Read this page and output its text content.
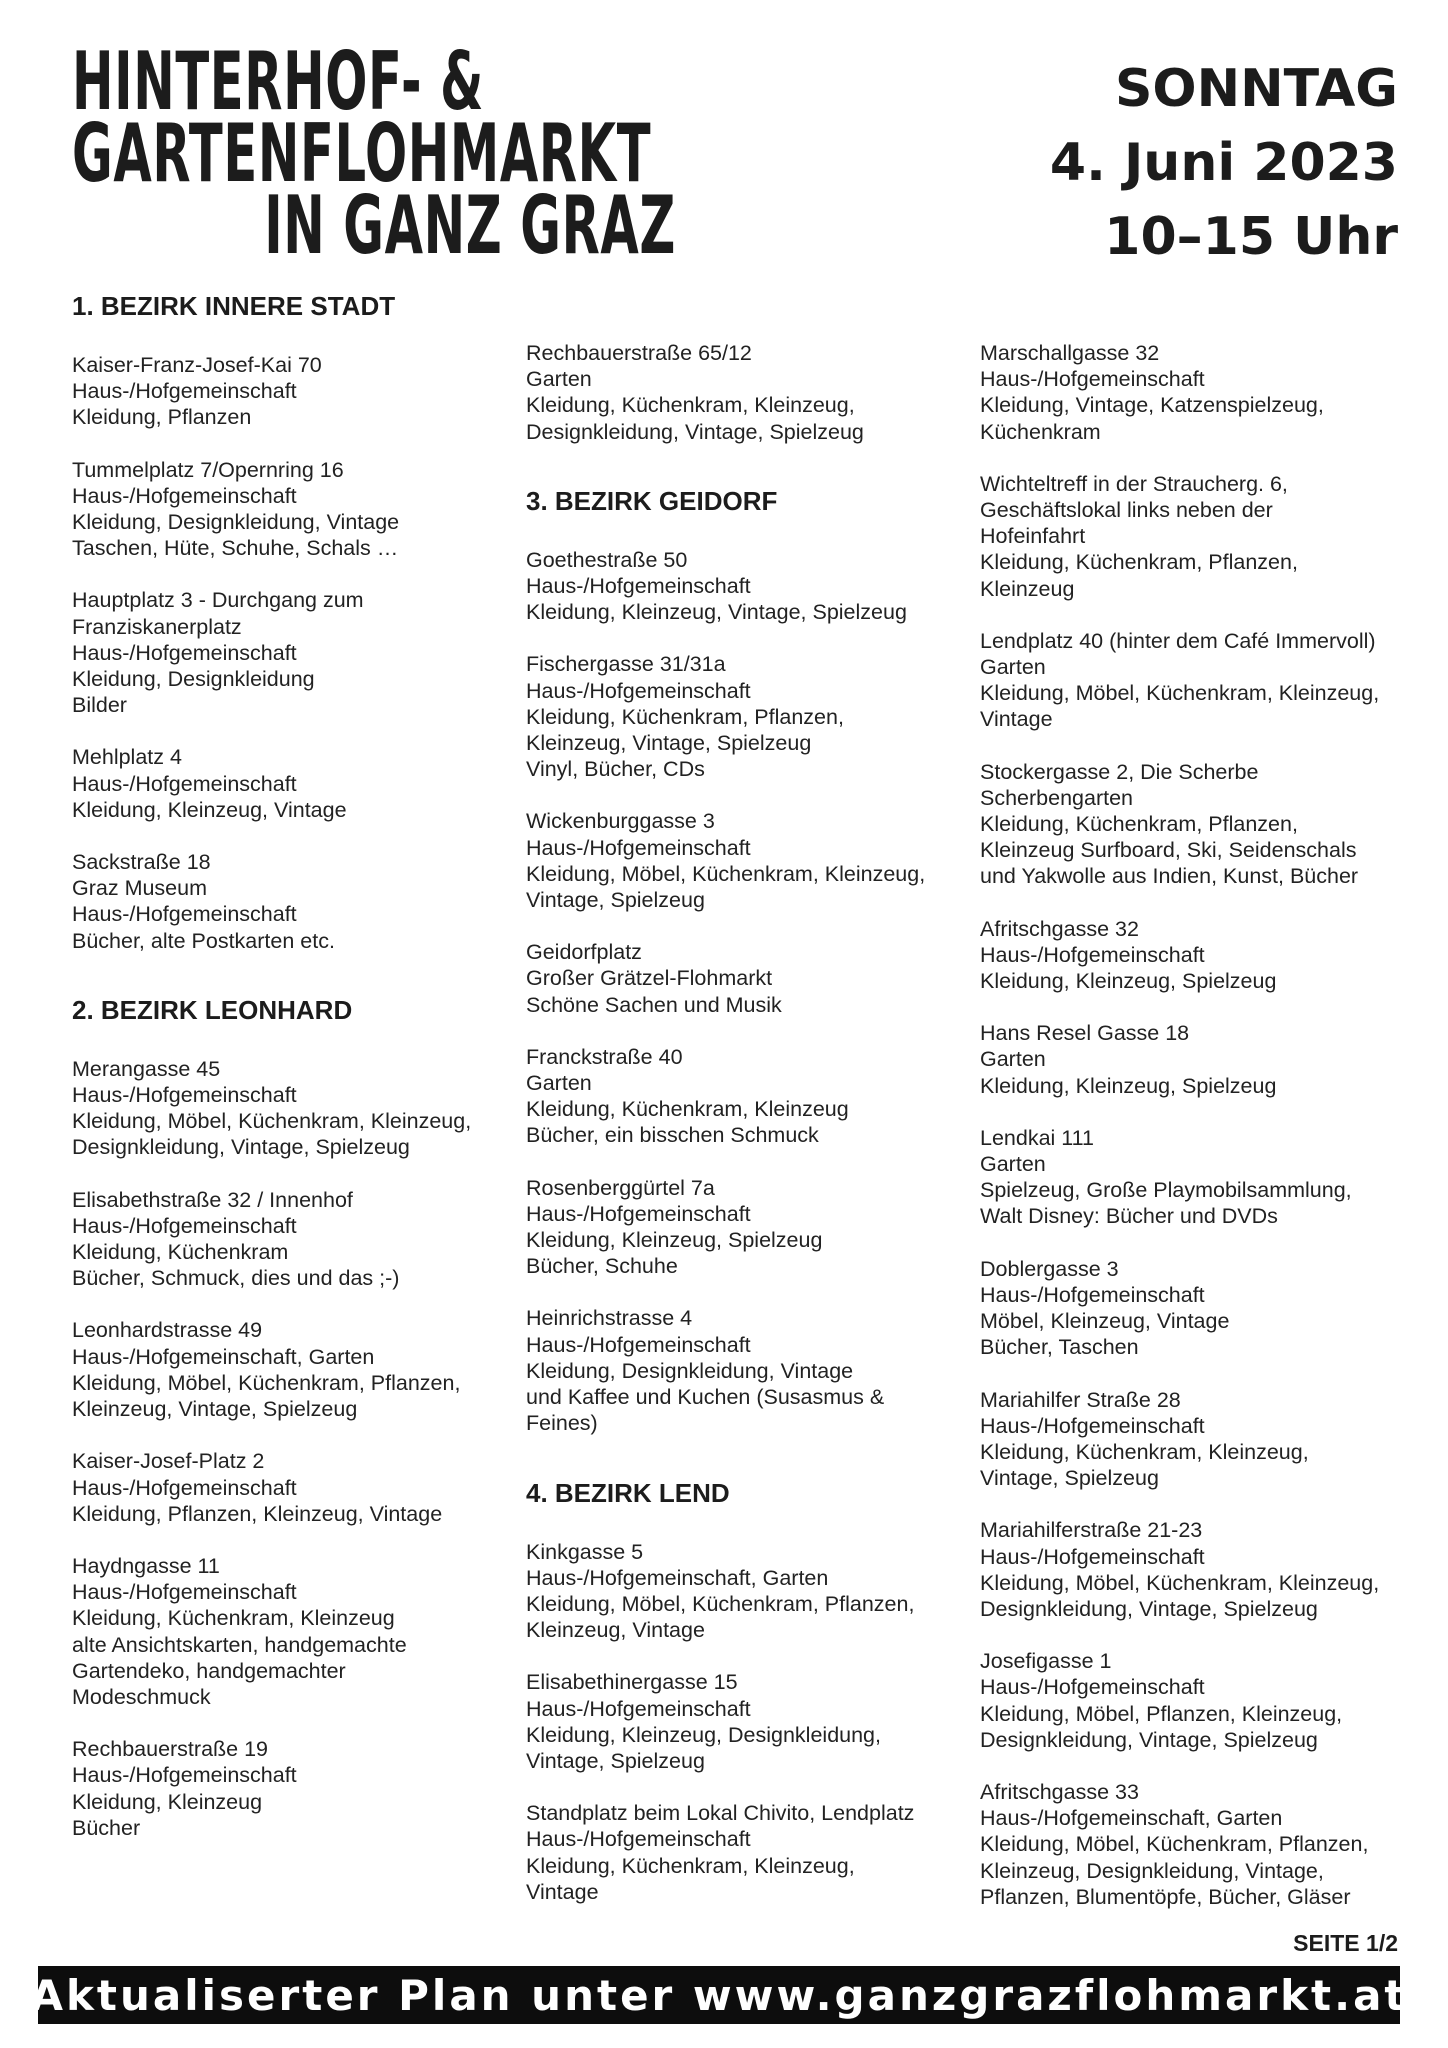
HINTERHOF- &
GARTENFLOHMARKT
IN GANZ GRAZ
SONNTAG
4. Juni 2023
10–15 Uhr
1. BEZIRK INNERE STADT
Kaiser-Franz-Josef-Kai 70
Haus-/Hofgemeinschaft
Kleidung, Pflanzen
Tummelplatz 7/Opernring 16
Haus-/Hofgemeinschaft
Kleidung, Designkleidung, Vintage
Taschen, Hüte, Schuhe, Schals …
Hauptplatz 3 - Durchgang zum
Franziskanerplatz
Haus-/Hofgemeinschaft
Kleidung, Designkleidung
Bilder
Mehlplatz 4
Haus-/Hofgemeinschaft
Kleidung, Kleinzeug, Vintage
Sackstraße 18
Graz Museum
Haus-/Hofgemeinschaft
Bücher, alte Postkarten etc.
2. BEZIRK LEONHARD
Merangasse 45
Haus-/Hofgemeinschaft
Kleidung, Möbel, Küchenkram, Kleinzeug,
Designkleidung, Vintage, Spielzeug
Elisabethstraße 32 / Innenhof
Haus-/Hofgemeinschaft
Kleidung, Küchenkram
Bücher, Schmuck, dies und das ;-)
Leonhardstrasse 49
Haus-/Hofgemeinschaft, Garten
Kleidung, Möbel, Küchenkram, Pflanzen,
Kleinzeug, Vintage, Spielzeug
Kaiser-Josef-Platz 2
Haus-/Hofgemeinschaft
Kleidung, Pflanzen, Kleinzeug, Vintage
Haydngasse 11
Haus-/Hofgemeinschaft
Kleidung, Küchenkram, Kleinzeug
alte Ansichtskarten, handgemachte
Gartendeko, handgemachter
Modeschmuck
Rechbauerstraße 19
Haus-/Hofgemeinschaft
Kleidung, Kleinzeug
Bücher
Rechbauerstraße 65/12
Garten
Kleidung, Küchenkram, Kleinzeug,
Designkleidung, Vintage, Spielzeug
3. BEZIRK GEIDORF
Goethestraße 50
Haus-/Hofgemeinschaft
Kleidung, Kleinzeug, Vintage, Spielzeug
Fischergasse 31/31a
Haus-/Hofgemeinschaft
Kleidung, Küchenkram, Pflanzen,
Kleinzeug, Vintage, Spielzeug
Vinyl, Bücher, CDs
Wickenburggasse 3
Haus-/Hofgemeinschaft
Kleidung, Möbel, Küchenkram, Kleinzeug,
Vintage, Spielzeug
Geidorfplatz
Großer Grätzel-Flohmarkt
Schöne Sachen und Musik
Franckstraße 40
Garten
Kleidung, Küchenkram, Kleinzeug
Bücher, ein bisschen Schmuck
Rosenberggürtel 7a
Haus-/Hofgemeinschaft
Kleidung, Kleinzeug, Spielzeug
Bücher, Schuhe
Heinrichstrasse 4
Haus-/Hofgemeinschaft
Kleidung, Designkleidung, Vintage
und Kaffee und Kuchen (Susasmus &
Feines)
4. BEZIRK LEND
Kinkgasse 5
Haus-/Hofgemeinschaft, Garten
Kleidung, Möbel, Küchenkram, Pflanzen,
Kleinzeug, Vintage
Elisabethinergasse 15
Haus-/Hofgemeinschaft
Kleidung, Kleinzeug, Designkleidung,
Vintage, Spielzeug
Standplatz beim Lokal Chivito, Lendplatz
Haus-/Hofgemeinschaft
Kleidung, Küchenkram, Kleinzeug,
Vintage
Marschallgasse 32
Haus-/Hofgemeinschaft
Kleidung, Vintage, Katzenspielzeug,
Küchenkram
Wichteltreff in der Straucherg. 6,
Geschäftslokal links neben der
Hofeinfahrt
Kleidung, Küchenkram, Pflanzen,
Kleinzeug
Lendplatz 40 (hinter dem Café Immervoll)
Garten
Kleidung, Möbel, Küchenkram, Kleinzeug,
Vintage
Stockergasse 2, Die Scherbe
Scherbengarten
Kleidung, Küchenkram, Pflanzen,
Kleinzeug Surfboard, Ski, Seidenschals
und Yakwolle aus Indien, Kunst, Bücher
Afritschgasse 32
Haus-/Hofgemeinschaft
Kleidung, Kleinzeug, Spielzeug
Hans Resel Gasse 18
Garten
Kleidung, Kleinzeug, Spielzeug
Lendkai 111
Garten
Spielzeug, Große Playmobilsammlung,
Walt Disney: Bücher und DVDs
Doblergasse 3
Haus-/Hofgemeinschaft
Möbel, Kleinzeug, Vintage
Bücher, Taschen
Mariahilfer Straße 28
Haus-/Hofgemeinschaft
Kleidung, Küchenkram, Kleinzeug,
Vintage, Spielzeug
Mariahilferstraße 21-23
Haus-/Hofgemeinschaft
Kleidung, Möbel, Küchenkram, Kleinzeug,
Designkleidung, Vintage, Spielzeug
Josefigasse 1
Haus-/Hofgemeinschaft
Kleidung, Möbel, Pflanzen, Kleinzeug,
Designkleidung, Vintage, Spielzeug
Afritschgasse 33
Haus-/Hofgemeinschaft, Garten
Kleidung, Möbel, Küchenkram, Pflanzen,
Kleinzeug, Designkleidung, Vintage,
Pflanzen, Blumentöpfe, Bücher, Gläser
SEITE 1/2
Aktualiserter Plan unter www.ganzgrazflohmarkt.at
